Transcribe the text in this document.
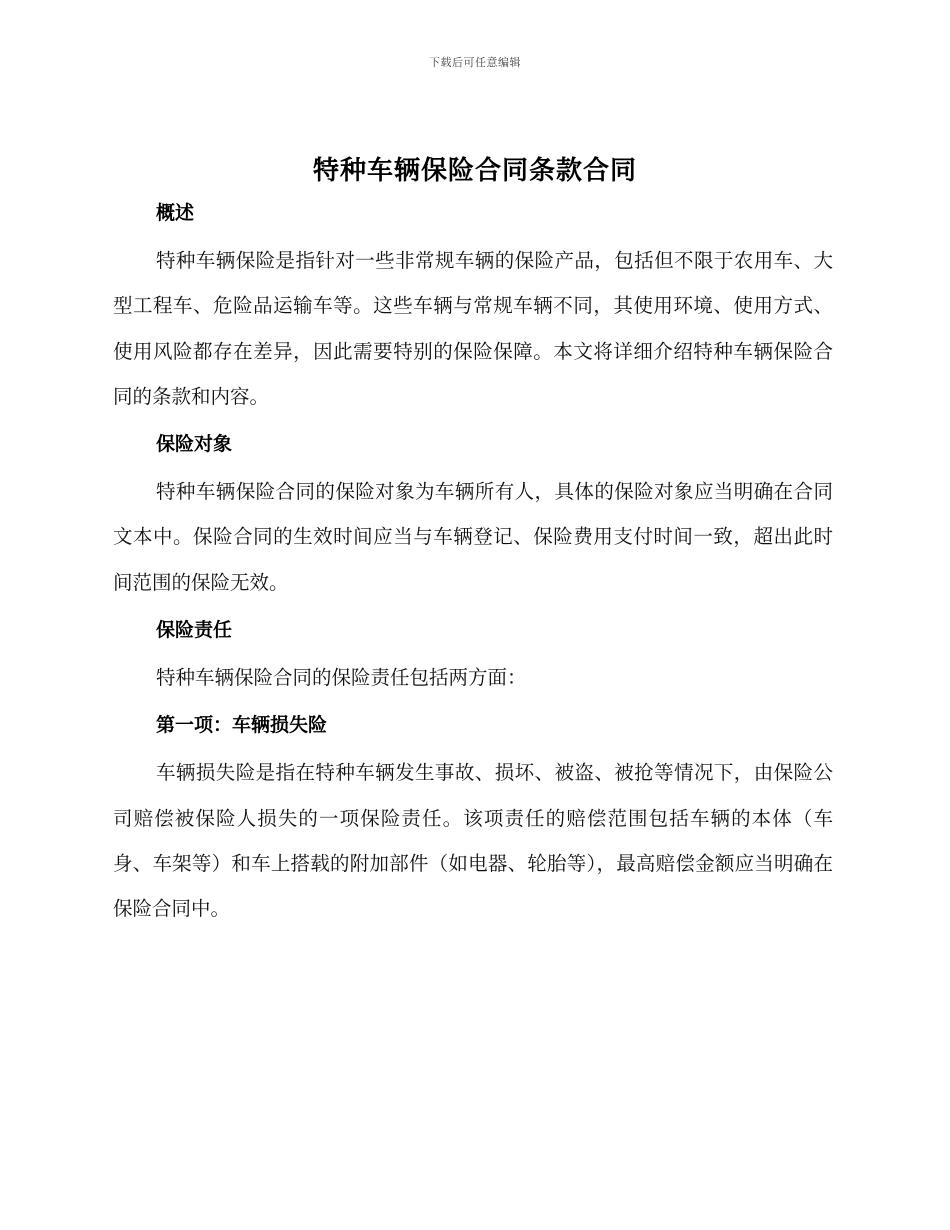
下载后可任意编辑
特种车辆保险合同条款合同
概述

特种车辆保险是指针对一些非常规车辆的保险产品，包括但不限于农用车、大型工程车、危险品运输车等。这些车辆与常规车辆不同，其使用环境、使用方式、使用风险都存在差异，因此需要特别的保险保障。本文将详细介绍特种车辆保险合同的条款和内容。

保险对象

特种车辆保险合同的保险对象为车辆所有人，具体的保险对象应当明确在合同文本中。保险合同的生效时间应当与车辆登记、保险费用支付时间一致，超出此时间范围的保险无效。

保险责任

特种车辆保险合同的保险责任包括两方面：

第一项：车辆损失险

车辆损失险是指在特种车辆发生事故、损坏、被盗、被抢等情况下，由保险公司赔偿被保险人损失的一项保险责任。该项责任的赔偿范围包括车辆的本体（车身、车架等）和车上搭载的附加部件（如电器、轮胎等），最高赔偿金额应当明确在保险合同中。
